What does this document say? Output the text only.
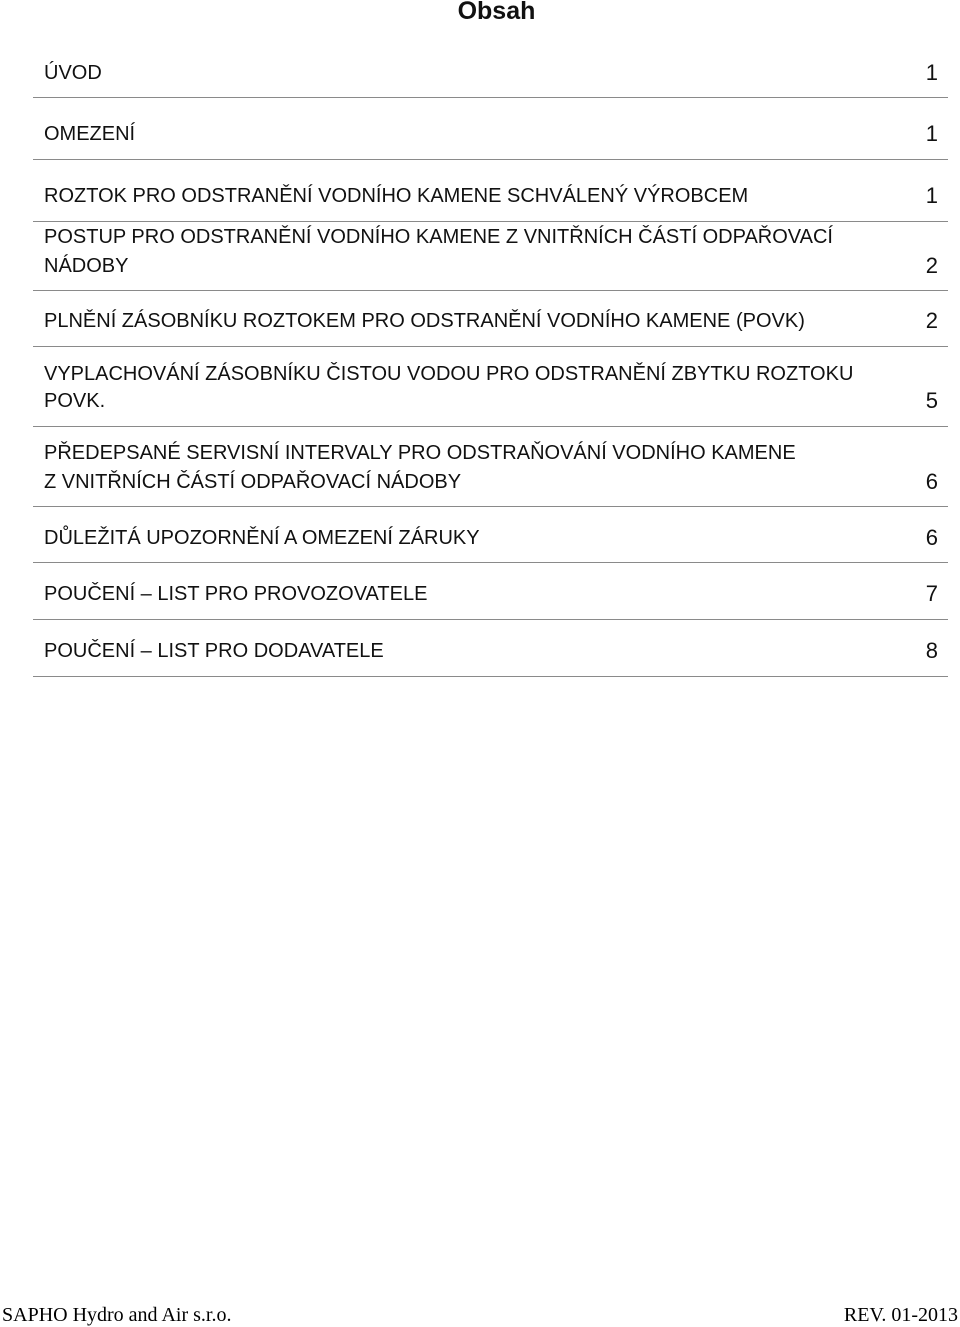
Obsah
ÚVOD	1
OMEZENÍ	1
ROZTOK PRO ODSTRANĚNÍ VODNÍHO KAMENE SCHVÁLENÝ VÝROBCEM	1
POSTUP PRO ODSTRANĚNÍ VODNÍHO KAMENE Z VNITŘNÍCH ČÁSTÍ ODPAŘOVACÍ
NÁDOBY	2
PLNĚNÍ ZÁSOBNÍKU ROZTOKEM PRO ODSTRANĚNÍ VODNÍHO KAMENE (POVK)	2
VYPLACHOVÁNÍ ZÁSOBNÍKU ČISTOU VODOU PRO ODSTRANĚNÍ ZBYTKU ROZTOKU
POVK.	5
PŘEDEPSANÉ SERVISNÍ INTERVALY PRO ODSTRAŇOVÁNÍ VODNÍHO KAMENE
Z VNITŘNÍCH ČÁSTÍ ODPAŘOVACÍ NÁDOBY	6
DŮLEŽITÁ UPOZORNĚNÍ A OMEZENÍ ZÁRUKY	6
POUČENÍ – LIST PRO PROVOZOVATELE	7
POUČENÍ – LIST PRO DODAVATELE	8
SAPHO Hydro and Air s.r.o.	REV. 01-2013
